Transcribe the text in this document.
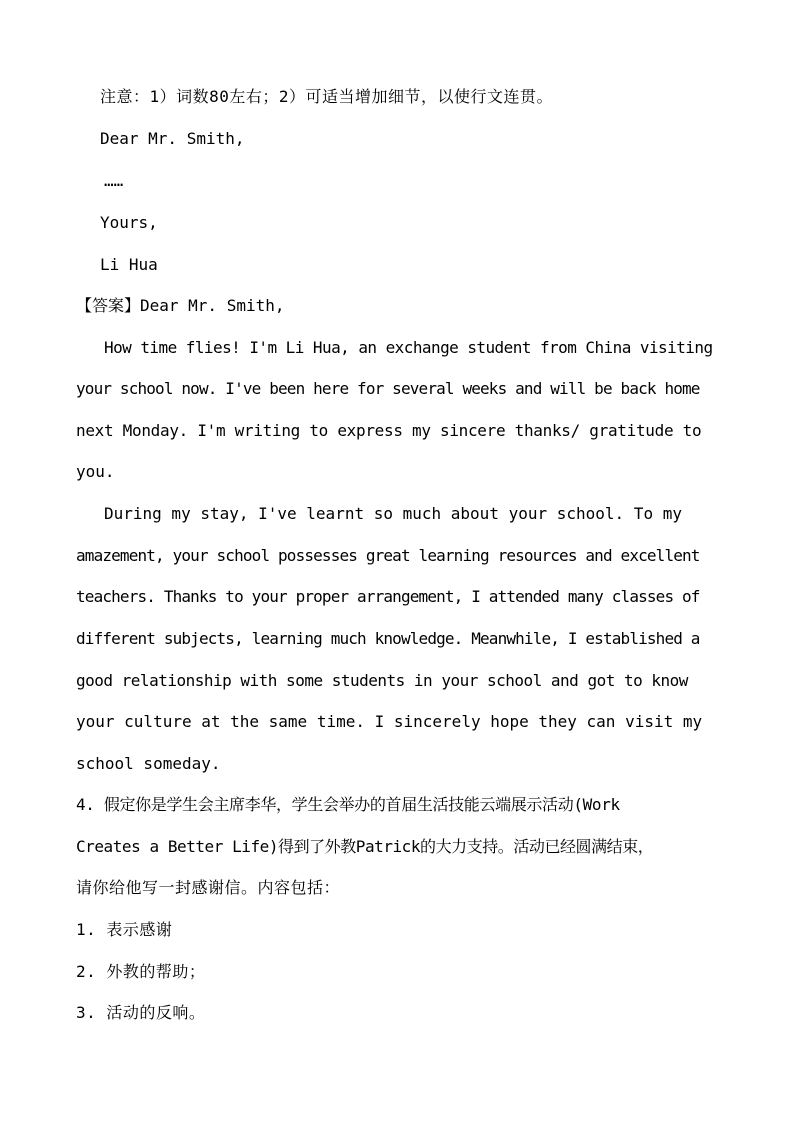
注意：1）词数80左右；2）可适当增加细节，以使行文连贯。
Dear Mr. Smith,
……
Yours,
Li Hua
【答案】Dear Mr. Smith,
How time flies! I'm Li Hua, an exchange student from China visiting
your school now. I've been here for several weeks and will be back home
next Monday. I'm writing to express my sincere thanks/ gratitude to
you.
During my stay, I've learnt so much about your school. To my
amazement, your school possesses great learning resources and excellent
teachers. Thanks to your proper arrangement, I attended many classes of
different subjects, learning much knowledge. Meanwhile, I established a
good relationship with some students in your school and got to know
your culture at the same time. I sincerely hope they can visit my
school someday.
4. 假定你是学生会主席李华，学生会举办的首届生活技能云端展示活动(Work
Creates a Better Life)得到了外教Patrick的大力支持。活动已经圆满结束，
请你给他写一封感谢信。内容包括：
1. 表示感谢
2. 外教的帮助；
3. 活动的反响。
